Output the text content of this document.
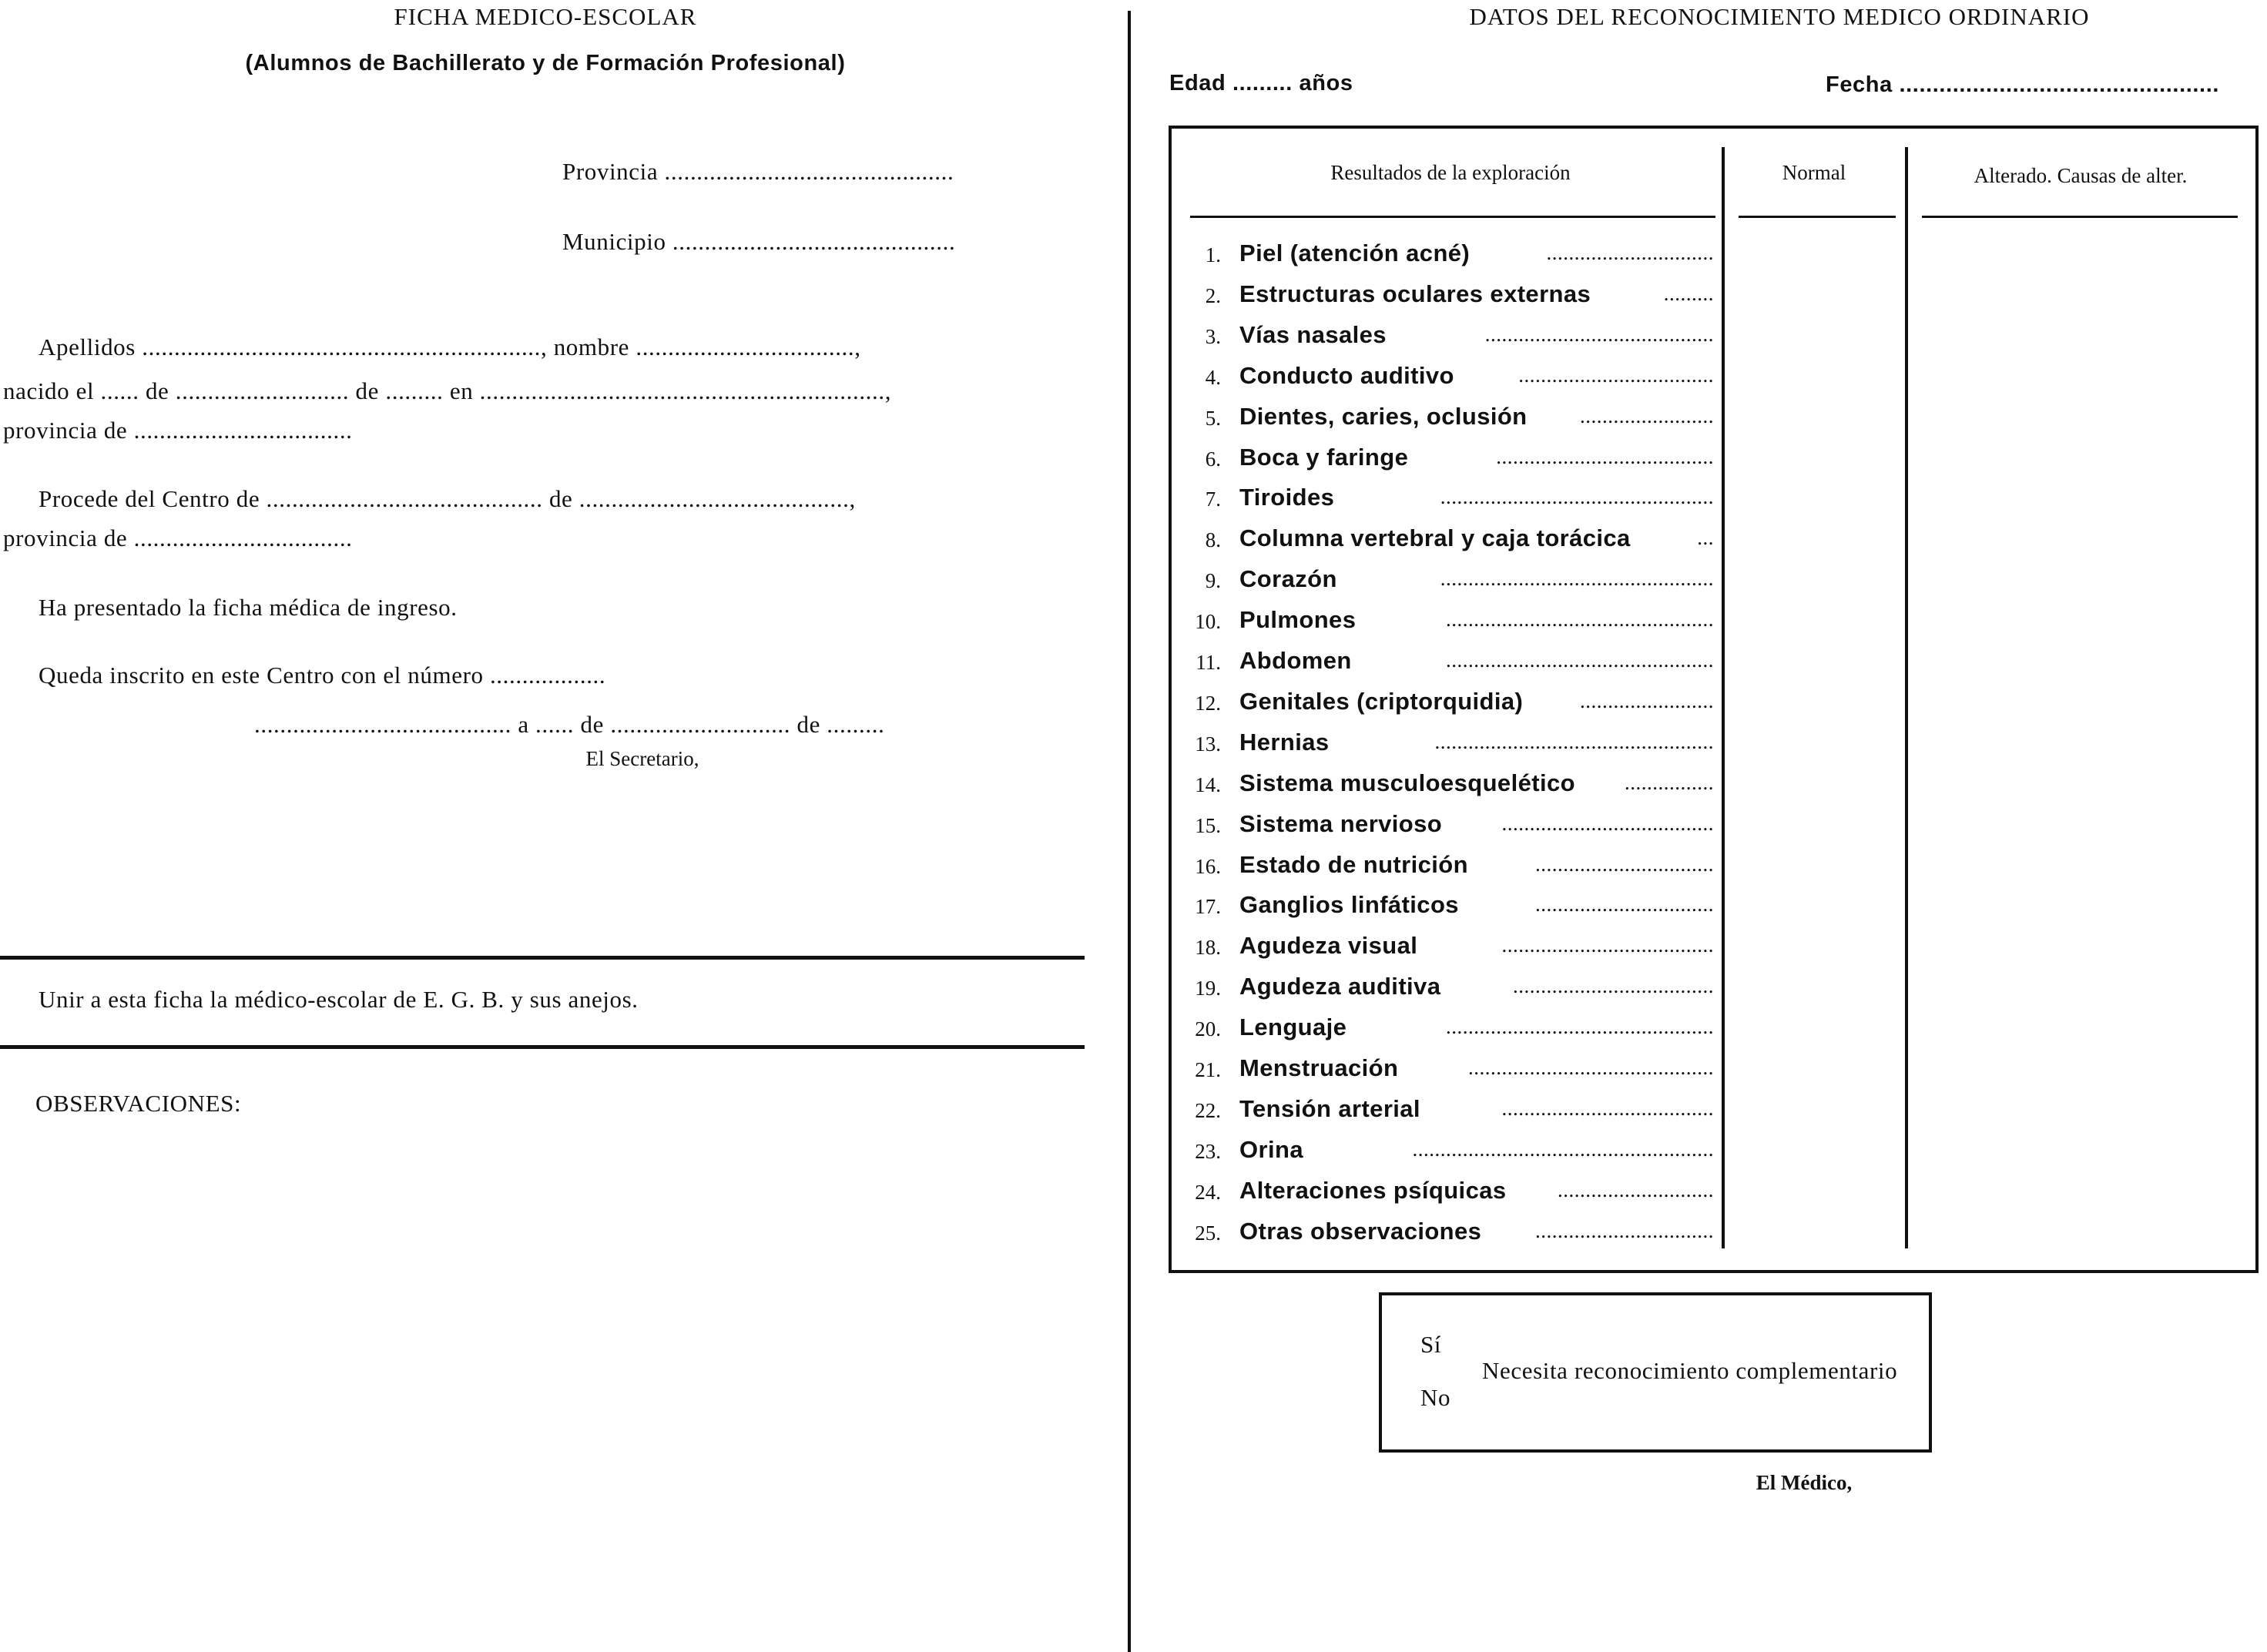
FICHA MEDICO-ESCOLAR
(Alumnos de Bachillerato y de Formación Profesional)
Provincia .............................................
Municipio ............................................
Apellidos .............................................................., nombre ..................................,
nacido el ...... de ........................... de ......... en ...............................................................,
provincia de ..................................
Procede del Centro de ........................................... de ..........................................,
provincia de ..................................
Ha presentado la ficha médica de ingreso.
Queda inscrito en este Centro con el número ..................
........................................ a ...... de ............................ de .........
El Secretario,
Unir a esta ficha la médico-escolar de E. G. B. y sus anejos.
OBSERVACIONES:
DATOS DEL RECONOCIMIENTO MEDICO ORDINARIO
Edad ......... años	Fecha ................................................
Resultados de la exploración	Normal	Alterado. Causas de alter.
1. Piel (atención acné)	..............................
2. Estructuras oculares externas	.........
3. Vías nasales	.........................................
4. Conducto auditivo	...................................
5. Dientes, caries, oclusión	........................
6. Boca y faringe	.......................................
7. Tiroides	.................................................
8. Columna vertebral y caja torácica	...
9. Corazón	.................................................
10. Pulmones	................................................
11. Abdomen	................................................
12. Genitales (criptorquidia)	........................
13. Hernias	..................................................
14. Sistema musculoesquelético ................
15. Sistema nervioso	......................................
16. Estado de nutrición	................................
17. Ganglios linfáticos	................................
18. Agudeza visual	......................................
19. Agudeza auditiva	....................................
20. Lenguaje	................................................
21. Menstruación	............................................
22. Tensión arterial	......................................
23. Orina	......................................................
24. Alteraciones psíquicas ............................
25. Otras observaciones	................................
Sí
No
Necesita reconocimiento complementario
El Médico,
